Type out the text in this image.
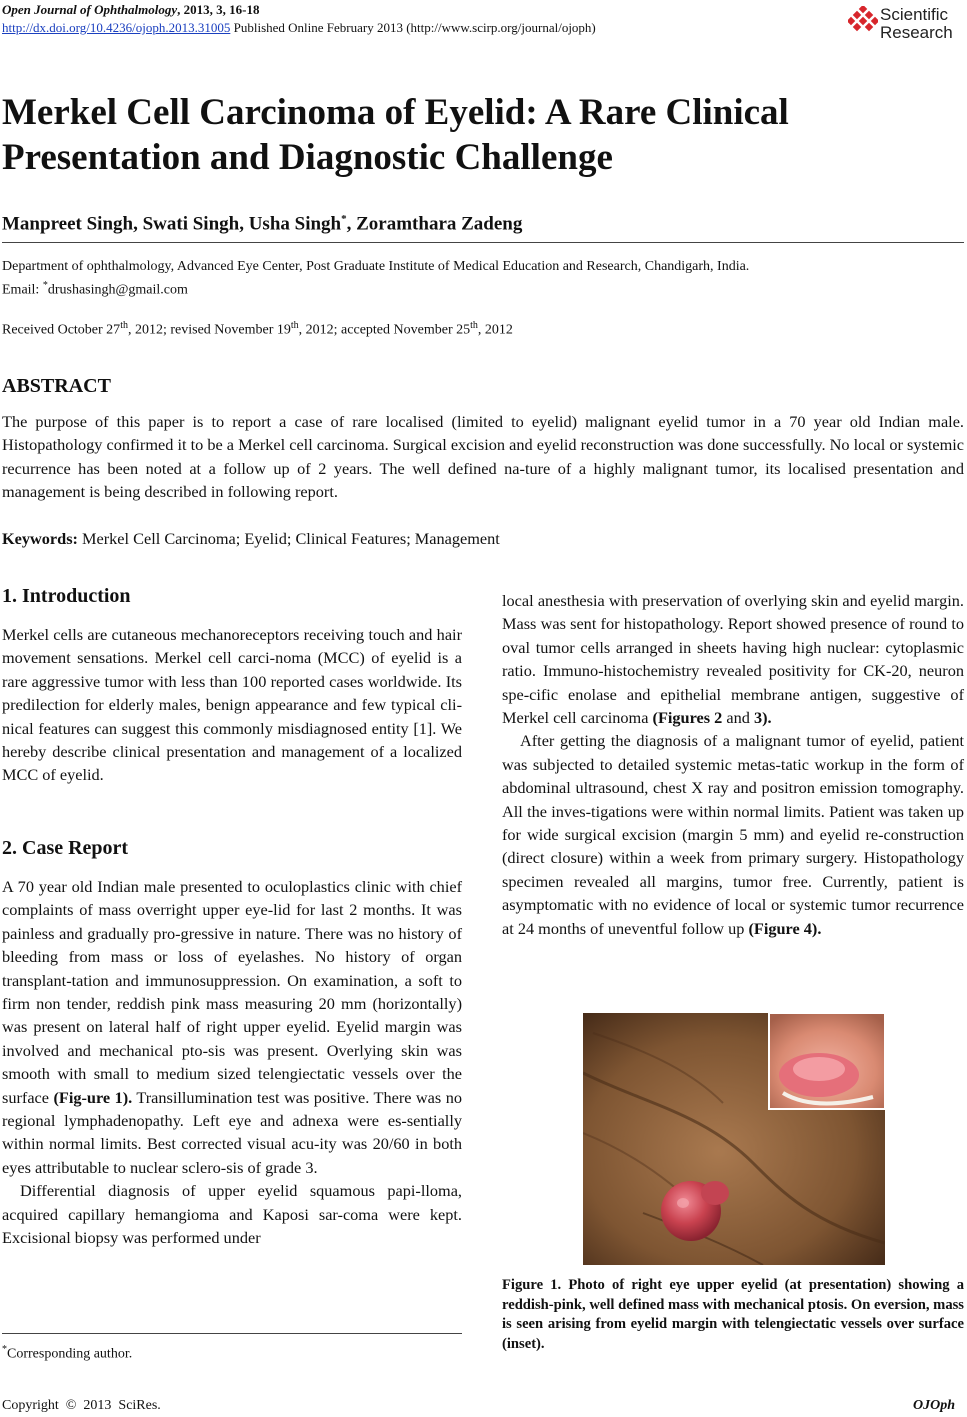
Open Journal of Ophthalmology, 2013, 3, 16-18
http://dx.doi.org/10.4236/ojoph.2013.31005 Published Online February 2013 (http://www.scirp.org/journal/ojoph)
Scientific
Research
Merkel Cell Carcinoma of Eyelid: A Rare Clinical
Presentation and Diagnostic Challenge
Manpreet Singh, Swati Singh, Usha Singh*, Zoramthara Zadeng
Department of ophthalmology, Advanced Eye Center, Post Graduate Institute of Medical Education and Research, Chandigarh, India.
Email: *drushasingh@gmail.com
Received October 27th, 2012; revised November 19th, 2012; accepted November 25th, 2012
ABSTRACT
The purpose of this paper is to report a case of rare localised (limited to eyelid) malignant eyelid tumor in a 70 year old Indian male. Histopathology confirmed it to be a Merkel cell carcinoma. Surgical excision and eyelid reconstruction was done successfully. No local or systemic recurrence has been noted at a follow up of 2 years. The well defined na-ture of a highly malignant tumor, its localised presentation and management is being described in following report.
Keywords: Merkel Cell Carcinoma; Eyelid; Clinical Features; Management
1. Introduction
Merkel cells are cutaneous mechanoreceptors receiving touch and hair movement sensations. Merkel cell carci-noma (MCC) of eyelid is a rare aggressive tumor with less than 100 reported cases worldwide. Its predilection for elderly males, benign appearance and few typical cli-nical features can suggest this commonly misdiagnosed entity [1]. We hereby describe clinical presentation and management of a localized MCC of eyelid.
2. Case Report

A 70 year old Indian male presented to oculoplastics clinic with chief complaints of mass overright upper eye-lid for last 2 months. It was painless and gradually pro-gressive in nature. There was no history of bleeding from mass or loss of eyelashes. No history of organ transplant-tation and immunosuppression. On examination, a soft to firm non tender, reddish pink mass measuring 20 mm (horizontally) was present on lateral half of right upper eyelid. Eyelid margin was involved and mechanical pto-sis was present. Overlying skin was smooth with small to medium sized telengiectatic vessels over the surface (Fig-ure 1). Transillumination test was positive. There was no regional lymphadenopathy. Left eye and adnexa were es-sentially within normal limits. Best corrected visual acu-ity was 20/60 in both eyes attributable to nuclear sclero-sis of grade 3.

Differential diagnosis of upper eyelid squamous papi-lloma, acquired capillary hemangioma and Kaposi sar-coma were kept. Excisional biopsy was performed under

*Corresponding author.

local anesthesia with preservation of overlying skin and eyelid margin. Mass was sent for histopathology. Report showed presence of round to oval tumor cells arranged in sheets having high nuclear: cytoplasmic ratio. Immuno-histochemistry revealed positivity for CK-20, neuron spe-cific enolase and epithelial membrane antigen, suggestive of Merkel cell carcinoma (Figures 2 and 3).

After getting the diagnosis of a malignant tumor of eyelid, patient was subjected to detailed systemic metas-tatic workup in the form of abdominal ultrasound, chest X ray and positron emission tomography. All the inves-tigations were within normal limits. Patient was taken up for wide surgical excision (margin 5 mm) and eyelid re-construction (direct closure) within a week from primary surgery. Histopathology specimen revealed all margins, tumor free. Currently, patient is asymptomatic with no evidence of local or systemic tumor recurrence at 24 months of uneventful follow up (Figure 4).

Figure 1. Photo of right eye upper eyelid (at presentation) showing a reddish-pink, well defined mass with mechanical ptosis. On eversion, mass is seen arising from eyelid margin with telengiectatic vessels over surface (inset).
Copyright  ©  2013  SciRes.	OJOph
